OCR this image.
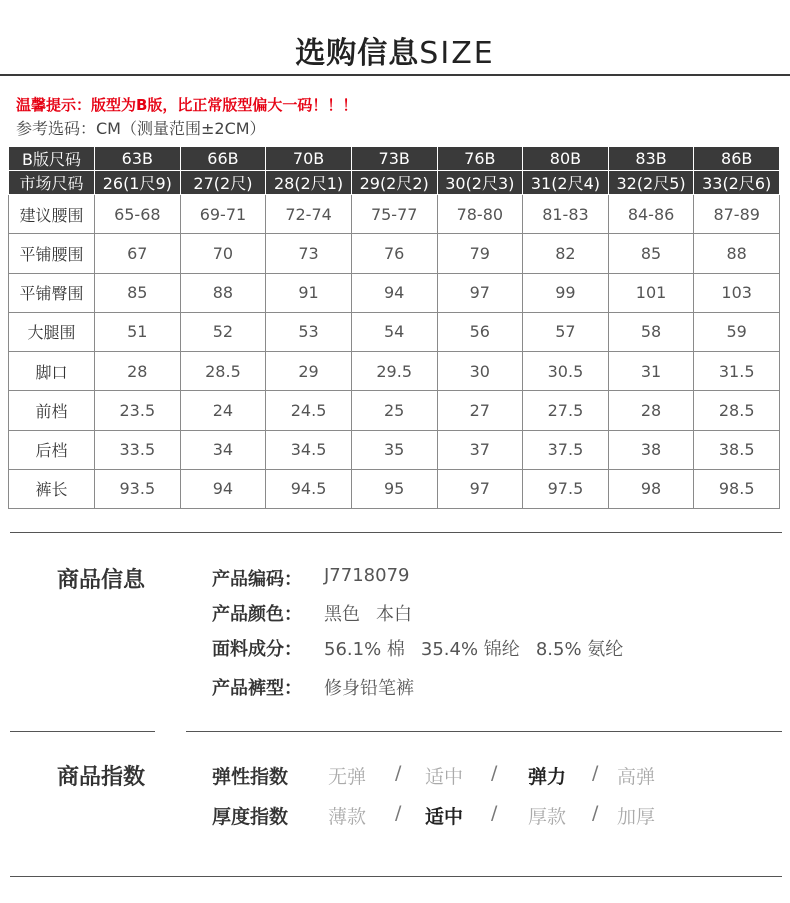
选购信息SIZE
温馨提示：版型为B版，比正常版型偏大一码！！！
参考选码：CM（测量范围±2CM）
B版尺码	63B	66B	70B	73B	76B	80B	83B	86B
市场尺码	26(1尺9)	27(2尺)	28(2尺1)	29(2尺2)	30(2尺3)	31(2尺4)	32(2尺5)	33(2尺6)
建议腰围	65-68	69-71	72-74	75-77	78-80	81-83	84-86	87-89
平铺腰围	67	70	73	76	79	82	85	88
平铺臀围	85	88	91	94	97	99	101	103
大腿围	51	52	53	54	56	57	58	59
脚口	28	28.5	29	29.5	30	30.5	31	31.5
前档	23.5	24	24.5	25	27	27.5	28	28.5
后档	33.5	34	34.5	35	37	37.5	38	38.5
裤长	93.5	94	94.5	95	97	97.5	98	98.5
商品信息	产品编码：	J7718079
产品颜色：	黑色 本白
面料成分：	56.1% 棉 35.4% 锦纶 8.5% 氨纶
产品裤型：	修身铅笔裤
商品指数	弹性指数 无弹 / 适中 / 弹力 / 高弹
厚度指数 薄款 / 适中 / 厚款 / 加厚
